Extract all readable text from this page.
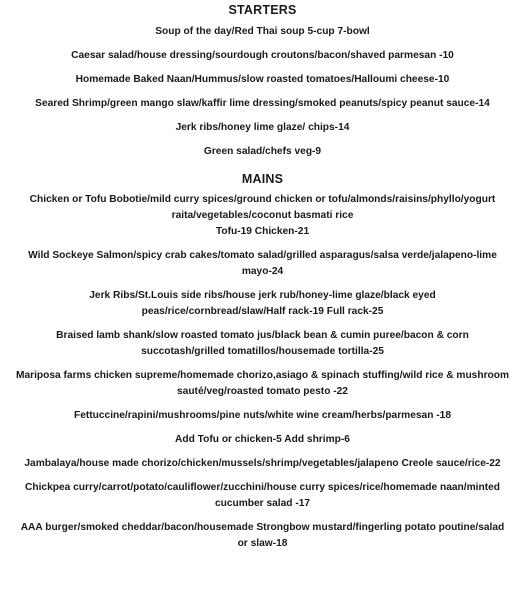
STARTERS

Soup of the day/Red Thai soup 5-cup 7-bowl

Caesar salad/house dressing/sourdough croutons/bacon/shaved parmesan -10

Homemade Baked Naan/Hummus/slow roasted tomatoes/Halloumi cheese-10

Seared Shrimp/green mango slaw/kaffir lime dressing/smoked peanuts/spicy peanut sauce-14

Jerk ribs/honey lime glaze/ chips-14

Green salad/chefs veg-9

MAINS

Chicken or Tofu Bobotie/mild curry spices/ground chicken or tofu/almonds/raisins/phyllo/yogurt

raita/vegetables/coconut basmati rice

Tofu-19 Chicken-21

Wild Sockeye Salmon/spicy crab cakes/tomato salad/grilled asparagus/salsa verde/jalapeno-lime

mayo-24

Jerk Ribs/St.Louis side ribs/house jerk rub/honey-lime glaze/black eyed

peas/rice/cornbread/slaw/Half rack-19 Full rack-25

Braised lamb shank/slow roasted tomato jus/black bean & cumin puree/bacon & corn

succotash/grilled tomatillos/housemade tortilla-25

Mariposa farms chicken supreme/homemade chorizo,asiago & spinach stuffing/wild rice & mushroom

sauté/veg/roasted tomato pesto -22

Fettuccine/rapini/mushrooms/pine nuts/white wine cream/herbs/parmesan -18

Add Tofu or chicken-5 Add shrimp-6

Jambalaya/house made chorizo/chicken/mussels/shrimp/vegetables/jalapeno Creole sauce/rice-22

Chickpea curry/carrot/potato/cauliflower/zucchini/house curry spices/rice/homemade naan/minted

cucumber salad -17

AAA burger/smoked cheddar/bacon/housemade Strongbow mustard/fingerling potato poutine/salad

or slaw-18
